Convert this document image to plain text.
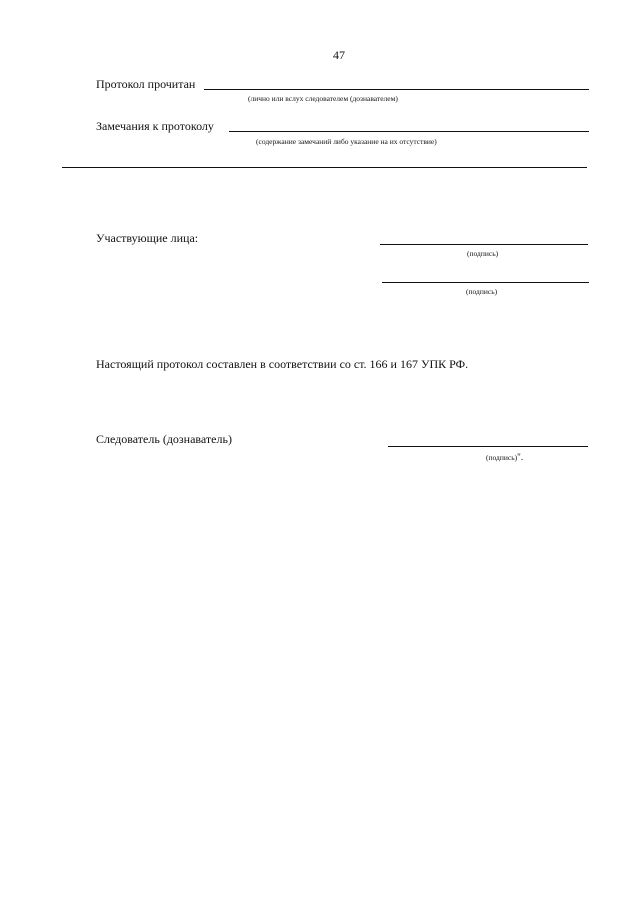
47
Протокол прочитан
(лично или вслух следователем (дознавателем)
Замечания к протоколу
(содержание замечаний либо указание на их отсутствие)
Участвующие лица:
(подпись)
(подпись)
Настоящий протокол составлен в соответствии со ст. 166 и 167 УПК РФ.
Следователь (дознаватель)
(подпись)".
